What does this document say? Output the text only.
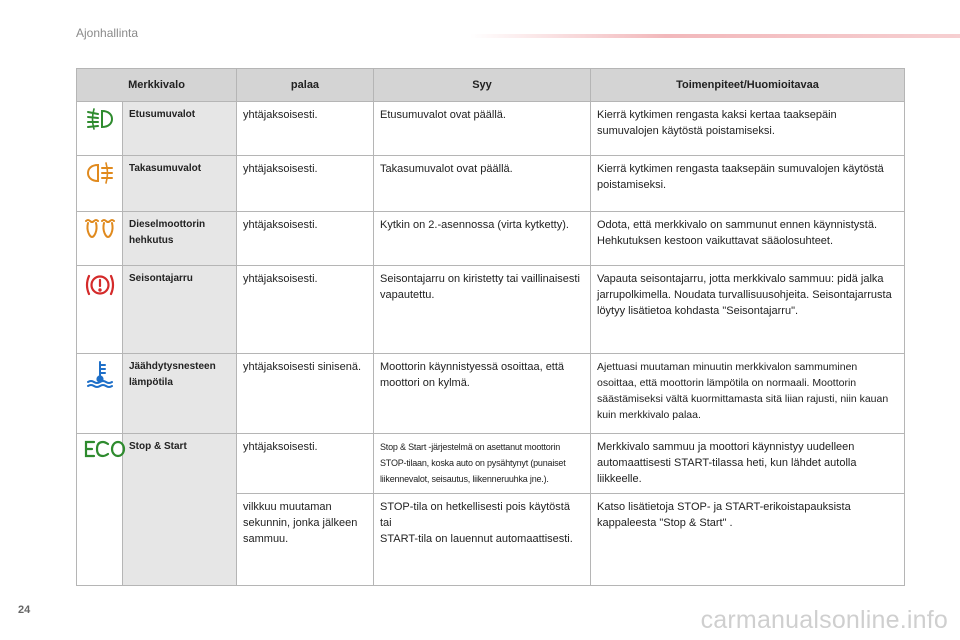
Ajonhallinta
Merkkivalo		palaa	Syy	Toimenpiteet/Huomioitavaa
	Etusumuvalot	yhtäjaksoisesti.	Etusumuvalot ovat päällä.	Kierrä kytkimen rengasta kaksi kertaa taaksepäin sumuvalojen käytöstä poistamiseksi.
	Takasumuvalot	yhtäjaksoisesti.	Takasumuvalot ovat päällä.	Kierrä kytkimen rengasta taaksepäin sumuvalojen käytöstä poistamiseksi.
	Dieselmoottorin hehkutus	yhtäjaksoisesti.	Kytkin on 2.-asennossa (virta kytketty).	Odota, että merkkivalo on sammunut ennen käynnistystä. Hehkutuksen kestoon vaikuttavat sääolosuhteet.
	Seisontajarru	yhtäjaksoisesti.	Seisontajarru on kiristetty tai vaillinaisesti vapautettu.	Vapauta seisontajarru, jotta merkkivalo sammuu: pidä jalka jarrupolkimella. Noudata turvallisuusohjeita. Seisontajarrusta löytyy lisätietoa kohdasta "Seisontajarru".
	Jäähdytysnesteen lämpötila	yhtäjaksoisesti sinisenä.	Moottorin käynnistyessä osoittaa, että moottori on kylmä.	Ajettuasi muutaman minuutin merkkivalon sammuminen osoittaa, että moottorin lämpötila on normaali. Moottorin säästämiseksi vältä kuormittamasta sitä liian rajusti, niin kauan kuin merkkivalo palaa.
	Stop & Start	yhtäjaksoisesti.	Stop & Start -järjestelmä on asettanut moottorin STOP-tilaan, koska auto on pysähtynyt (punaiset liikennevalot, seisautus, liikenneruuhka jne.).	Merkkivalo sammuu ja moottori käynnistyy uudelleen automaattisesti START-tilassa heti, kun lähdet autolla liikkeelle.
		vilkkuu muutaman sekunnin, jonka jälkeen sammuu.	STOP-tila on hetkellisesti pois käytöstä
tai
START-tila on lauennut automaattisesti.	Katso lisätietoja STOP- ja START-erikoistapauksista kappaleesta "Stop & Start" .
24	carmanualsonline.info
